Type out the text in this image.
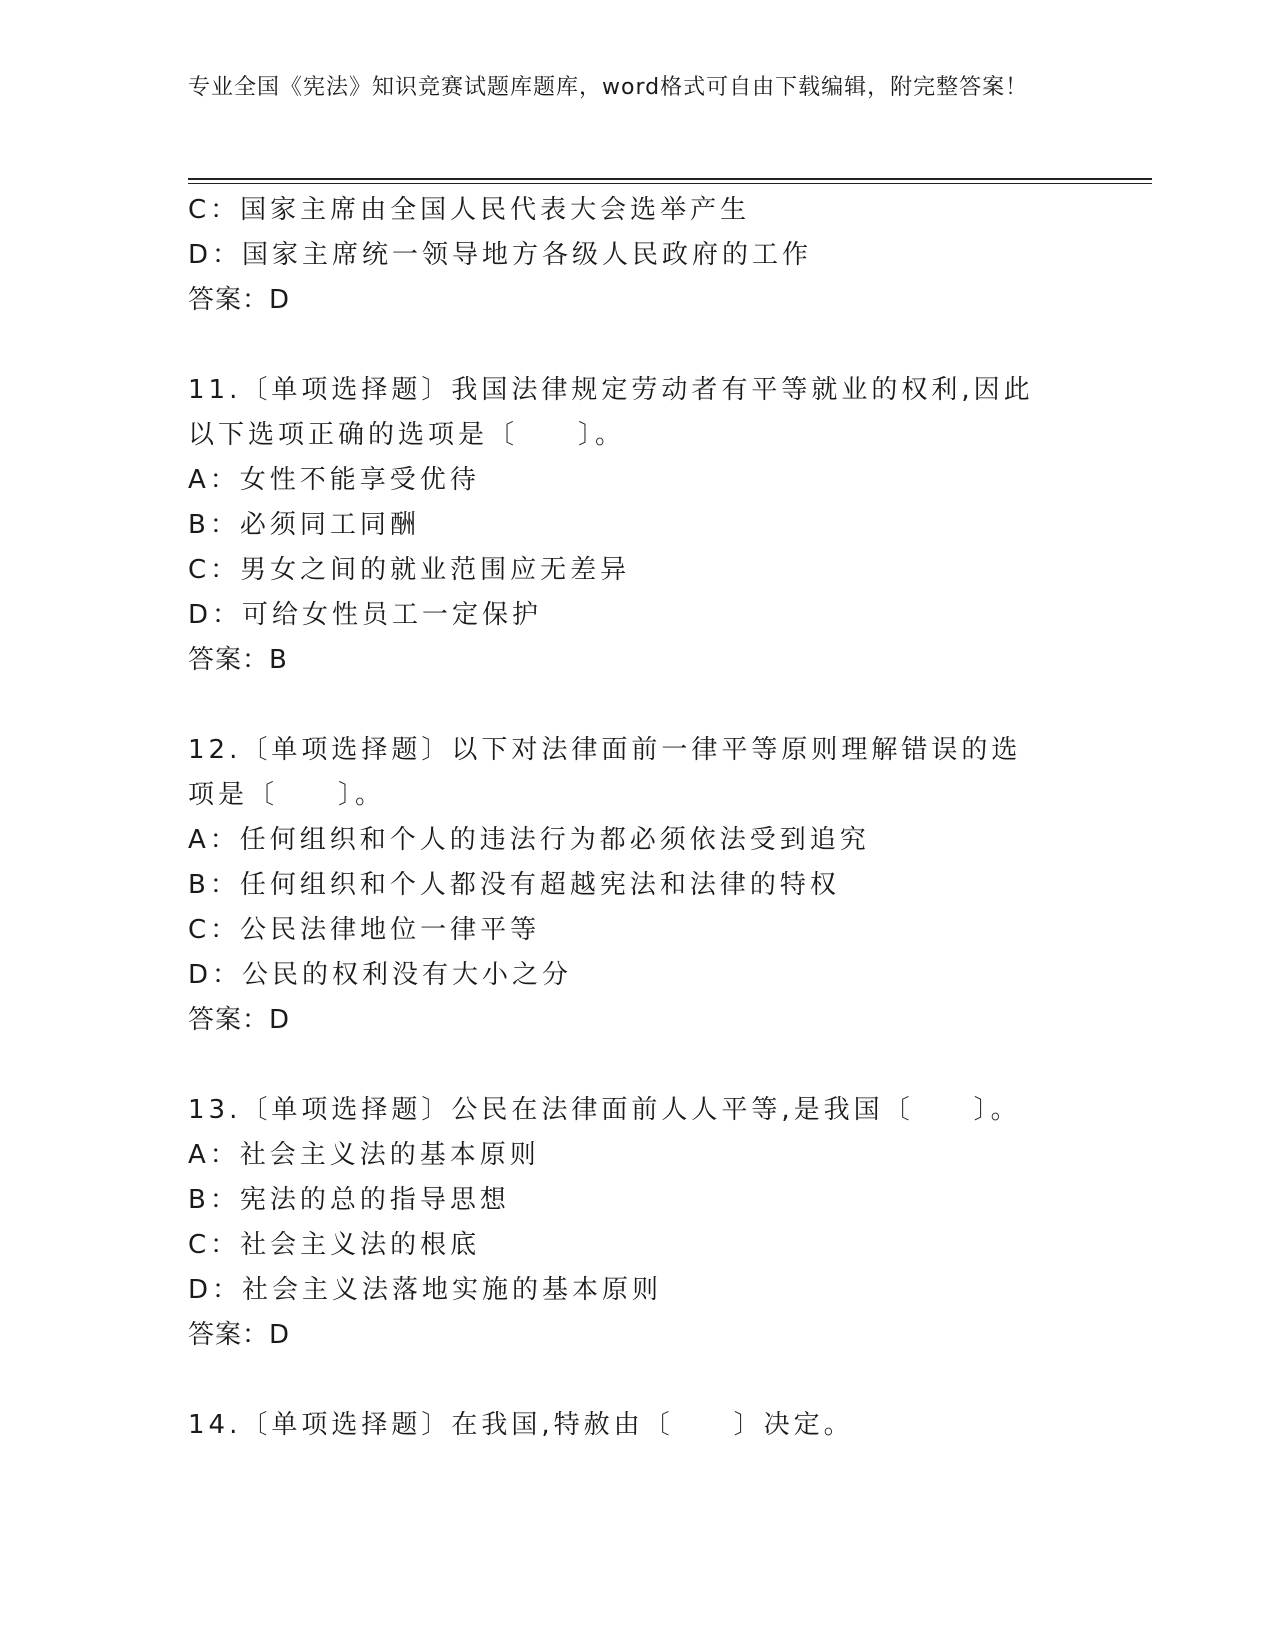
专业全国《宪法》知识竞赛试题库题库，word格式可自由下载编辑，附完整答案！
C：国家主席由全国人民代表大会选举产生
D：国家主席统一领导地方各级人民政府的工作
答案：D
11.〔单项选择题〕我国法律规定劳动者有平等就业的权利,因此以下选项正确的选项是〔　　〕。
A：女性不能享受优待
B：必须同工同酬
C：男女之间的就业范围应无差异
D：可给女性员工一定保护
答案：B
12.〔单项选择题〕以下对法律面前一律平等原则理解错误的选项是〔　　〕。
A：任何组织和个人的违法行为都必须依法受到追究
B：任何组织和个人都没有超越宪法和法律的特权
C：公民法律地位一律平等
D：公民的权利没有大小之分
答案：D
13.〔单项选择题〕公民在法律面前人人平等,是我国〔　　〕。
A：社会主义法的基本原则
B：宪法的总的指导思想
C：社会主义法的根底
D：社会主义法落地实施的基本原则
答案：D
14.〔单项选择题〕在我国,特赦由〔　　〕决定。
